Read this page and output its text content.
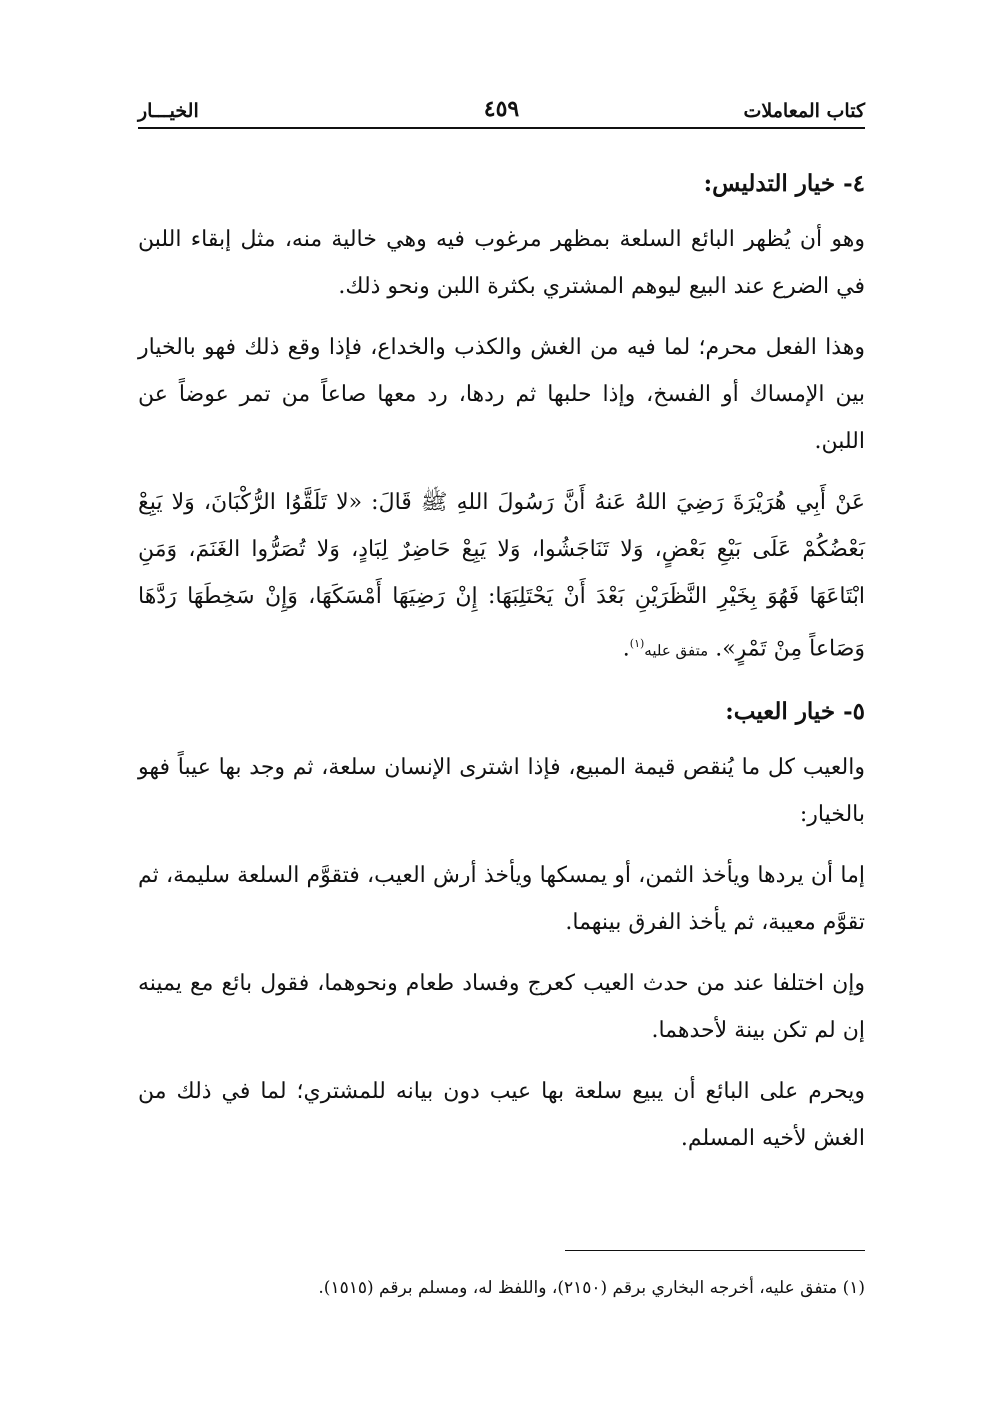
كتاب المعاملات
٤٥٩
الخيـــار
٤- خيار التدليس:

وهو أن يُظهر البائع السلعة بمظهر مرغوب فيه وهي خالية منه، مثل إبقاء اللبن في الضرع عند البيع ليوهم المشتري بكثرة اللبن ونحو ذلك.

وهذا الفعل محرم؛ لما فيه من الغش والكذب والخداع، فإذا وقع ذلك فهو بالخيار بين الإمساك أو الفسخ، وإذا حلبها ثم ردها، رد معها صاعاً من تمر عوضاً عن اللبن.

عَنْ أَبِي هُرَيْرَةَ رَضِيَ اللهُ عَنهُ أَنَّ رَسُولَ اللهِ ﷺ قَالَ: «لا تَلَقَّوُا الرُّكْبَانَ، وَلا يَبِعْ بَعْضُكُمْ عَلَى بَيْعِ بَعْضٍ، وَلا تَنَاجَشُوا، وَلا يَبِعْ حَاضِرٌ لِبَادٍ، وَلا تُصَرُّوا الغَنَمَ، وَمَنِ ابْتَاعَهَا فَهُوَ بِخَيْرِ النَّظَرَيْنِ بَعْدَ أَنْ يَحْتَلِبَهَا: إِنْ رَضِيَهَا أَمْسَكَهَا، وَإِنْ سَخِطَهَا رَدَّهَا وَصَاعاً مِنْ تَمْرٍ». متفق عليه$^{(١)}$.

٥- خيار العيب:

والعيب كل ما يُنقص قيمة المبيع، فإذا اشترى الإنسان سلعة، ثم وجد بها عيباً فهو بالخيار:

إما أن يردها ويأخذ الثمن، أو يمسكها ويأخذ أرش العيب، فتقوَّم السلعة سليمة، ثم تقوَّم معيبة، ثم يأخذ الفرق بينهما.

وإن اختلفا عند من حدث العيب كعرج وفساد طعام ونحوهما، فقول بائع مع يمينه إن لم تكن بينة لأحدهما.

ويحرم على البائع أن يبيع سلعة بها عيب دون بيانه للمشتري؛ لما في ذلك من الغش لأخيه المسلم.

(١) متفق عليه، أخرجه البخاري برقم (٢١٥٠)، واللفظ له، ومسلم برقم (١٥١٥).
